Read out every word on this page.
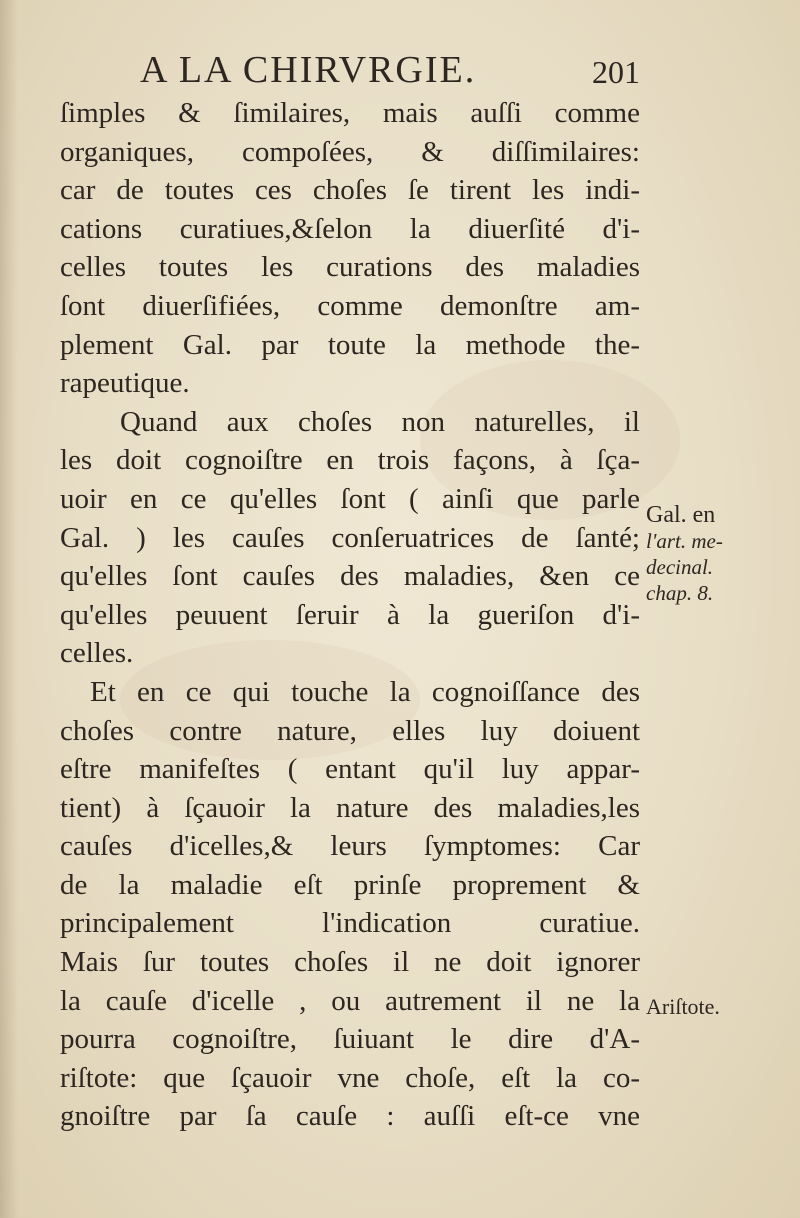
A LA CHIRVRGIE.	201
ſimples & ſimilaires, mais auſſi comme
organiques, compoſées, & diſſimilaires:
car de toutes ces choſes ſe tirent les indi-
cations curatiues,&ſelon la diuerſité d'i-
celles toutes les curations des maladies
ſont diuerſifiées, comme demonſtre am-
plement Gal. par toute la methode the-
rapeutique.
Quand aux choſes non naturelles, il
les doit cognoiſtre en trois façons, à ſça-
uoir en ce qu'elles ſont ( ainſi que parle
Gal. ) les cauſes conſeruatrices de ſanté;
qu'elles ſont cauſes des maladies, &en ce
qu'elles peuuent ſeruir à la gueriſon d'i-
celles.
Et en ce qui touche la cognoiſſance des
choſes contre nature, elles luy doiuent
eſtre manifeſtes ( entant qu'il luy appar-
tient) à ſçauoir la nature des maladies,les
cauſes d'icelles,& leurs ſymptomes: Car
de la maladie eſt prinſe proprement &
principalement l'indication curatiue.
Mais ſur toutes choſes il ne doit ignorer
la cauſe d'icelle , ou autrement il ne la
pourra cognoiſtre, ſuiuant le dire d'A-
riſtote: que ſçauoir vne choſe, eſt la co-
gnoiſtre par ſa cauſe : auſſi eſt-ce vne
Gal. en
l'art. me-
decinal.
chap. 8.
Ariſtote.
